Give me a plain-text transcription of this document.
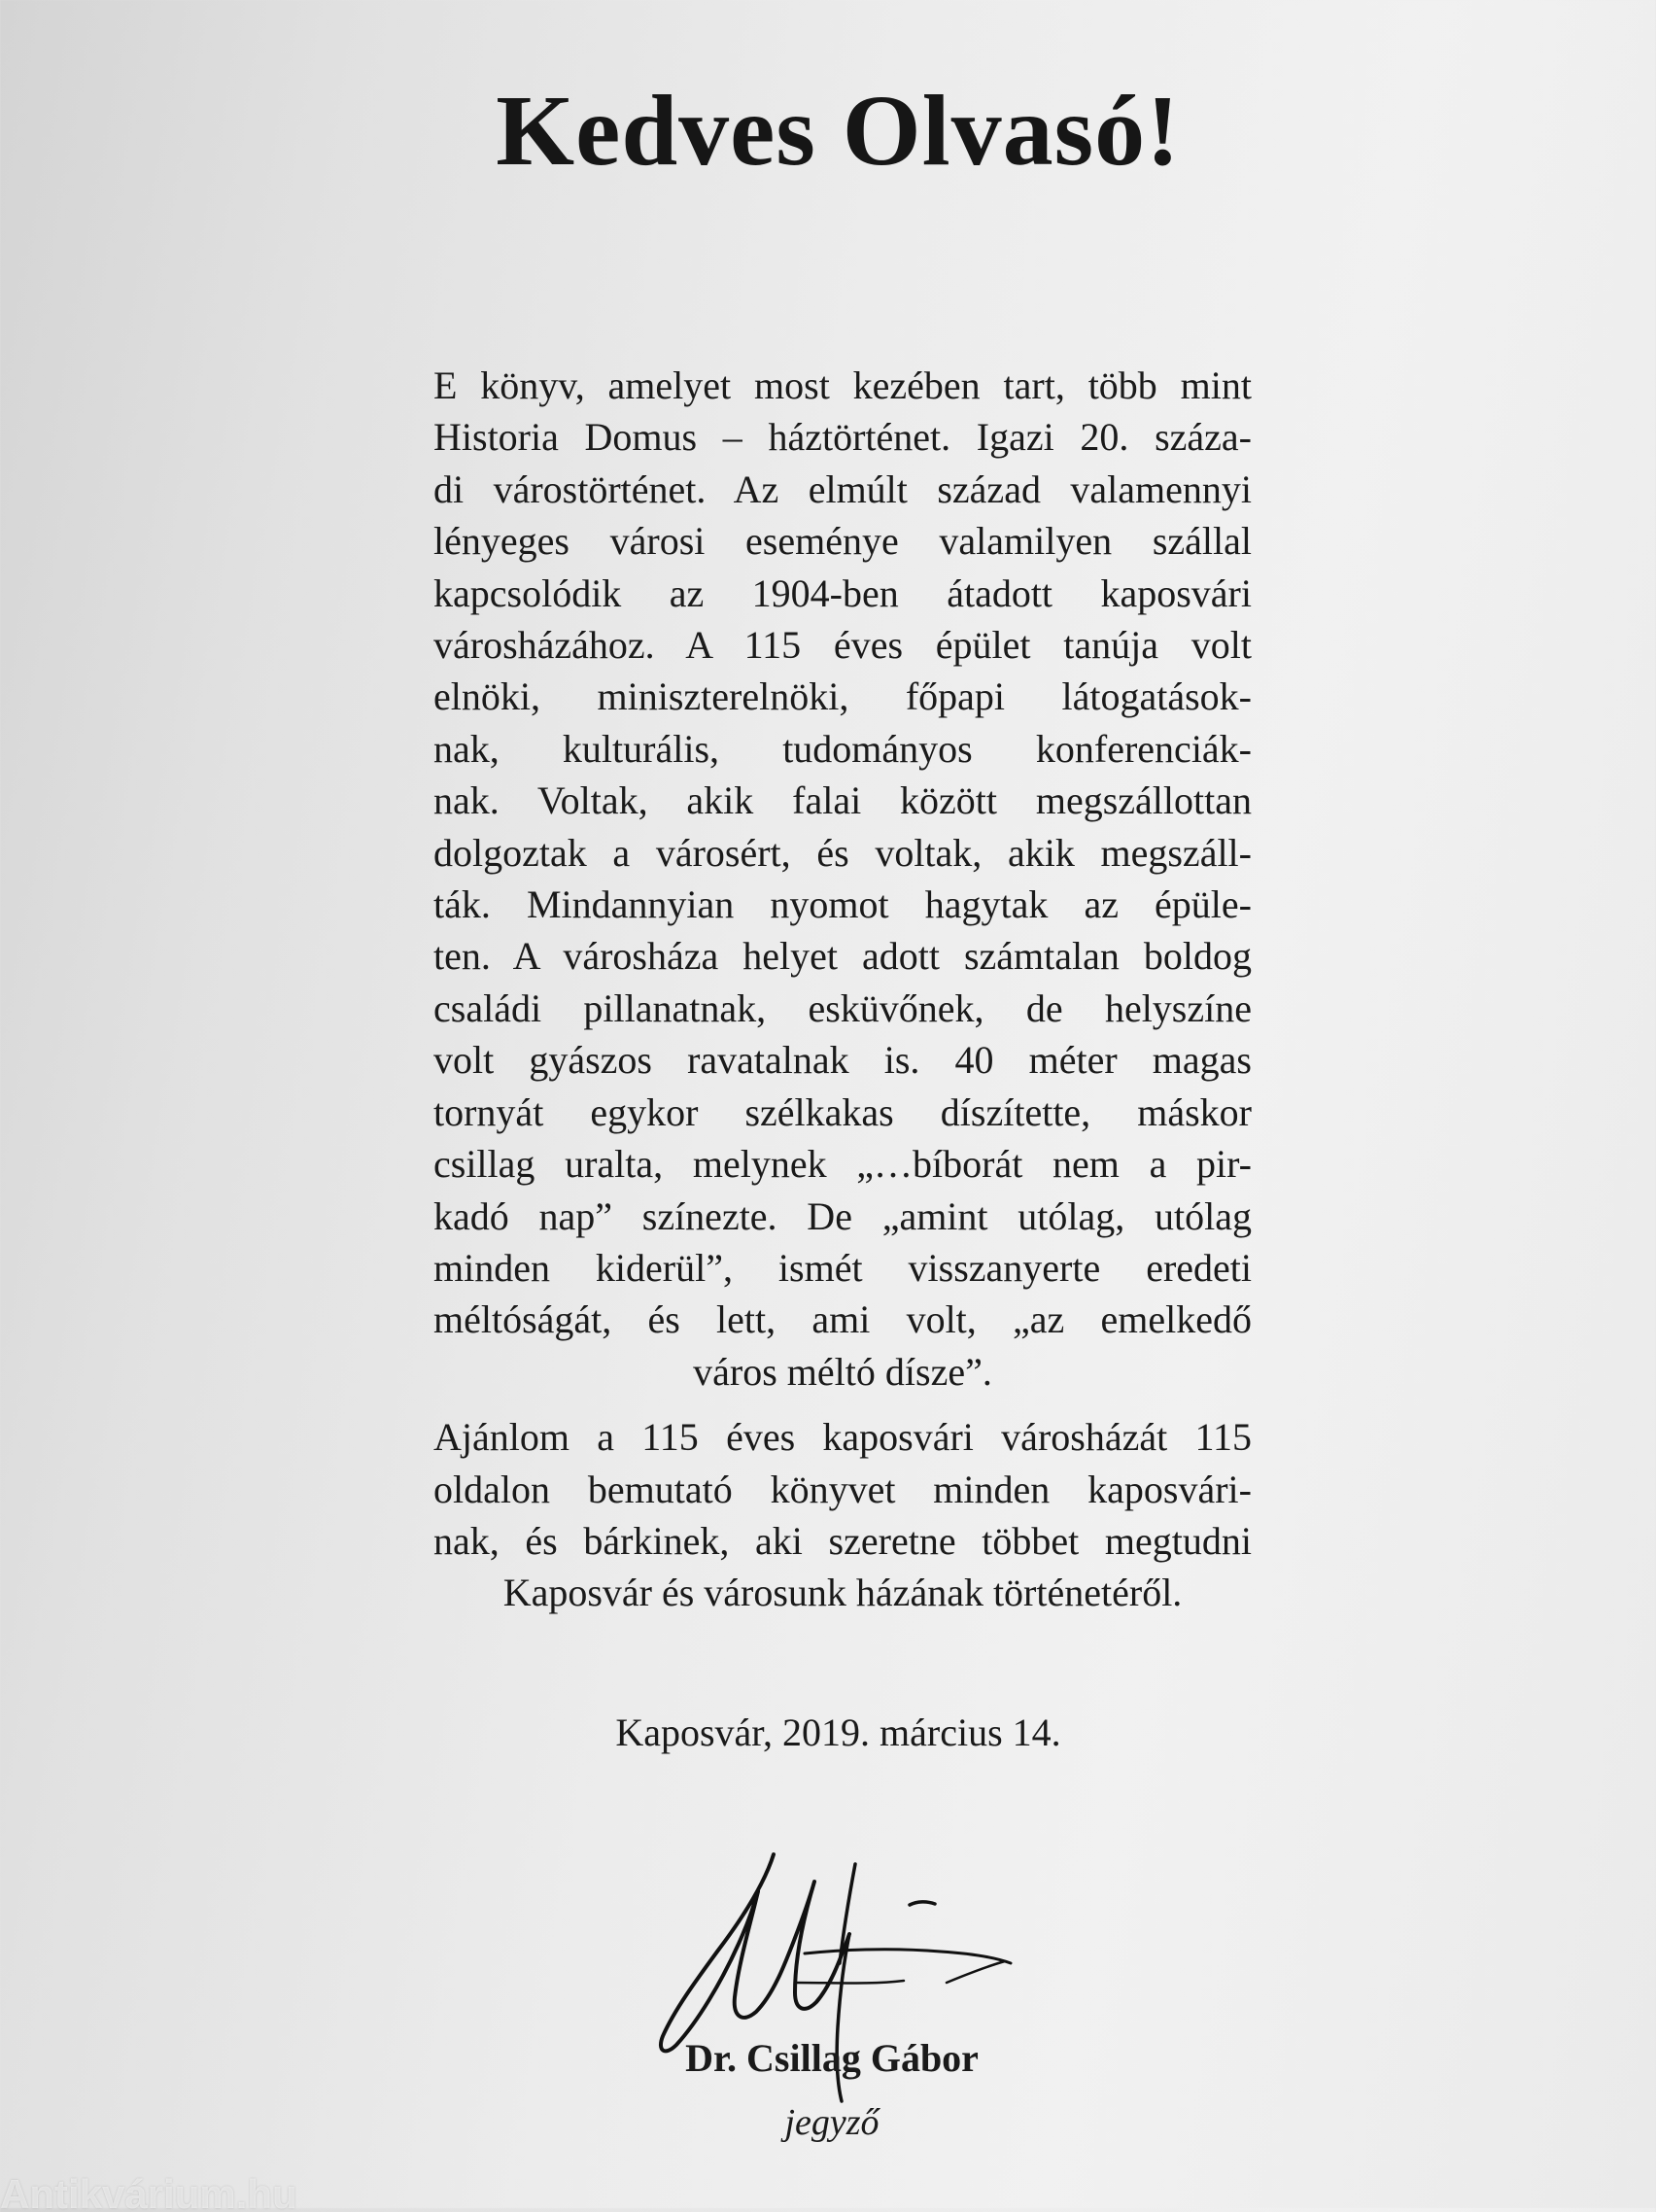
Kedves Olvasó!

E könyv, amelyet most kezében tart, több mint
Historia Domus – háztörténet. Igazi 20. száza-
di várostörténet. Az elmúlt század valamennyi
lényeges városi eseménye valamilyen szállal
kapcsolódik az 1904-ben átadott kaposvári
városházához. A 115 éves épület tanúja volt
elnöki, miniszterelnöki, főpapi látogatások-
nak, kulturális, tudományos konferenciák-
nak. Voltak, akik falai között megszállottan
dolgoztak a városért, és voltak, akik megszáll-
ták. Mindannyian nyomot hagytak az épüle-
ten. A városháza helyet adott számtalan boldog
családi pillanatnak, esküvőnek, de helyszíne
volt gyászos ravatalnak is. 40 méter magas
tornyát egykor szélkakas díszítette, máskor
csillag uralta, melynek „…bíborát nem a pir-
kadó nap” színezte. De „amint utólag, utólag
minden kiderül”, ismét visszanyerte eredeti
méltóságát, és lett, ami volt, „az emelkedő
város méltó dísze”.

Ajánlom a 115 éves kaposvári városházát 115
oldalon bemutató könyvet minden kaposvári-
nak, és bárkinek, aki szeretne többet megtudni
Kaposvár és városunk házának történetéről.

Kaposvár, 2019. március 14.
Dr. Csillag Gábor
jegyző
Antikvárium.hu
